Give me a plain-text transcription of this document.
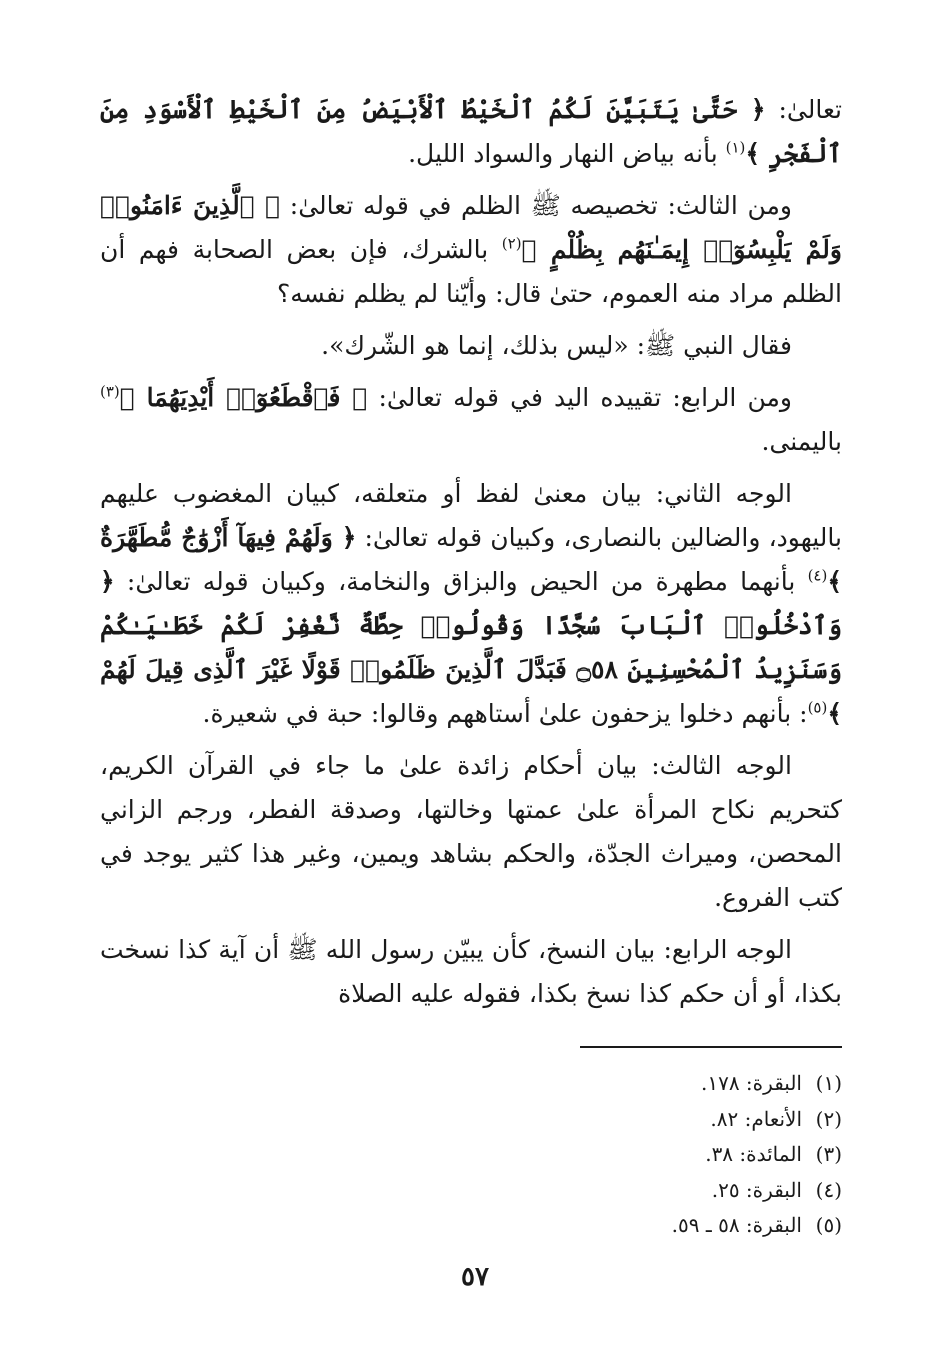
تعالىٰ: ﴿ حَتَّىٰ يَتَبَيَّنَ لَكُمُ ٱلْخَيْطُ ٱلْأَبْيَضُ مِنَ ٱلْخَيْطِ ٱلْأَسْوَدِ مِنَ ٱلْفَجْرِ ﴾$^{(١)}$ بأنه بياض النهار والسواد الليل.

ومن الثالث: تخصيصه ﷺ الظلم في قوله تعالىٰ: ﴿ ٱلَّذِينَ ءَامَنُوا۟ وَلَمْ يَلْبِسُوٓا۟ إِيمَـٰنَهُم بِظُلْمٍ ﴾$^{(٢)}$ بالشرك، فإن بعض الصحابة فهم أن الظلم مراد منه العموم، حتىٰ قال: وأيّنا لم يظلم نفسه؟

فقال النبي ﷺ: «ليس بذلك، إنما هو الشّرك».

ومن الرابع: تقييده اليد في قوله تعالىٰ: ﴿ فَٱقْطَعُوٓا۟ أَيْدِيَهُمَا ﴾$^{(٣)}$ باليمنى.

الوجه الثاني: بيان معنىٰ لفظ أو متعلقه، كبيان المغضوب عليهم باليهود، والضالين بالنصارى، وكبيان قوله تعالىٰ: ﴿ وَلَهُمْ فِيهَآ أَزْوَٰجٌ مُّطَهَّرَةٌ ﴾$^{(٤)}$ بأنهما مطهرة من الحيض والبزاق والنخامة، وكبيان قوله تعالىٰ: ﴿ وَٱدْخُلُوا۟ ٱلْبَابَ سُجَّدًا وَقُولُوا۟ حِطَّةٌ نَّغْفِرْ لَكُمْ خَطَـٰيَـٰكُمْ وَسَنَزِيدُ ٱلْمُحْسِنِينَ ۝٥٨ فَبَدَّلَ ٱلَّذِينَ ظَلَمُوا۟ قَوْلًا غَيْرَ ٱلَّذِى قِيلَ لَهُمْ ﴾$^{(٥)}$: بأنهم دخلوا يزحفون علىٰ أستاههم وقالوا: حبة في شعيرة.

الوجه الثالث: بيان أحكام زائدة علىٰ ما جاء في القرآن الكريم، كتحريم نكاح المرأة علىٰ عمتها وخالتها، وصدقة الفطر، ورجم الزاني المحصن، وميراث الجدّة، والحكم بشاهد ويمين، وغير هذا كثير يوجد في كتب الفروع.

الوجه الرابع: بيان النسخ، كأن يبيّن رسول الله ﷺ أن آية كذا نسخت بكذا، أو أن حكم كذا نسخ بكذا، فقوله عليه الصلاة

(١)البقرة: ١٧٨.
(٢)الأنعام: ٨٢.
(٣)المائدة: ٣٨.
(٤)البقرة: ٢٥.
(٥)البقرة: ٥٨ ـ ٥٩.
٥٧
